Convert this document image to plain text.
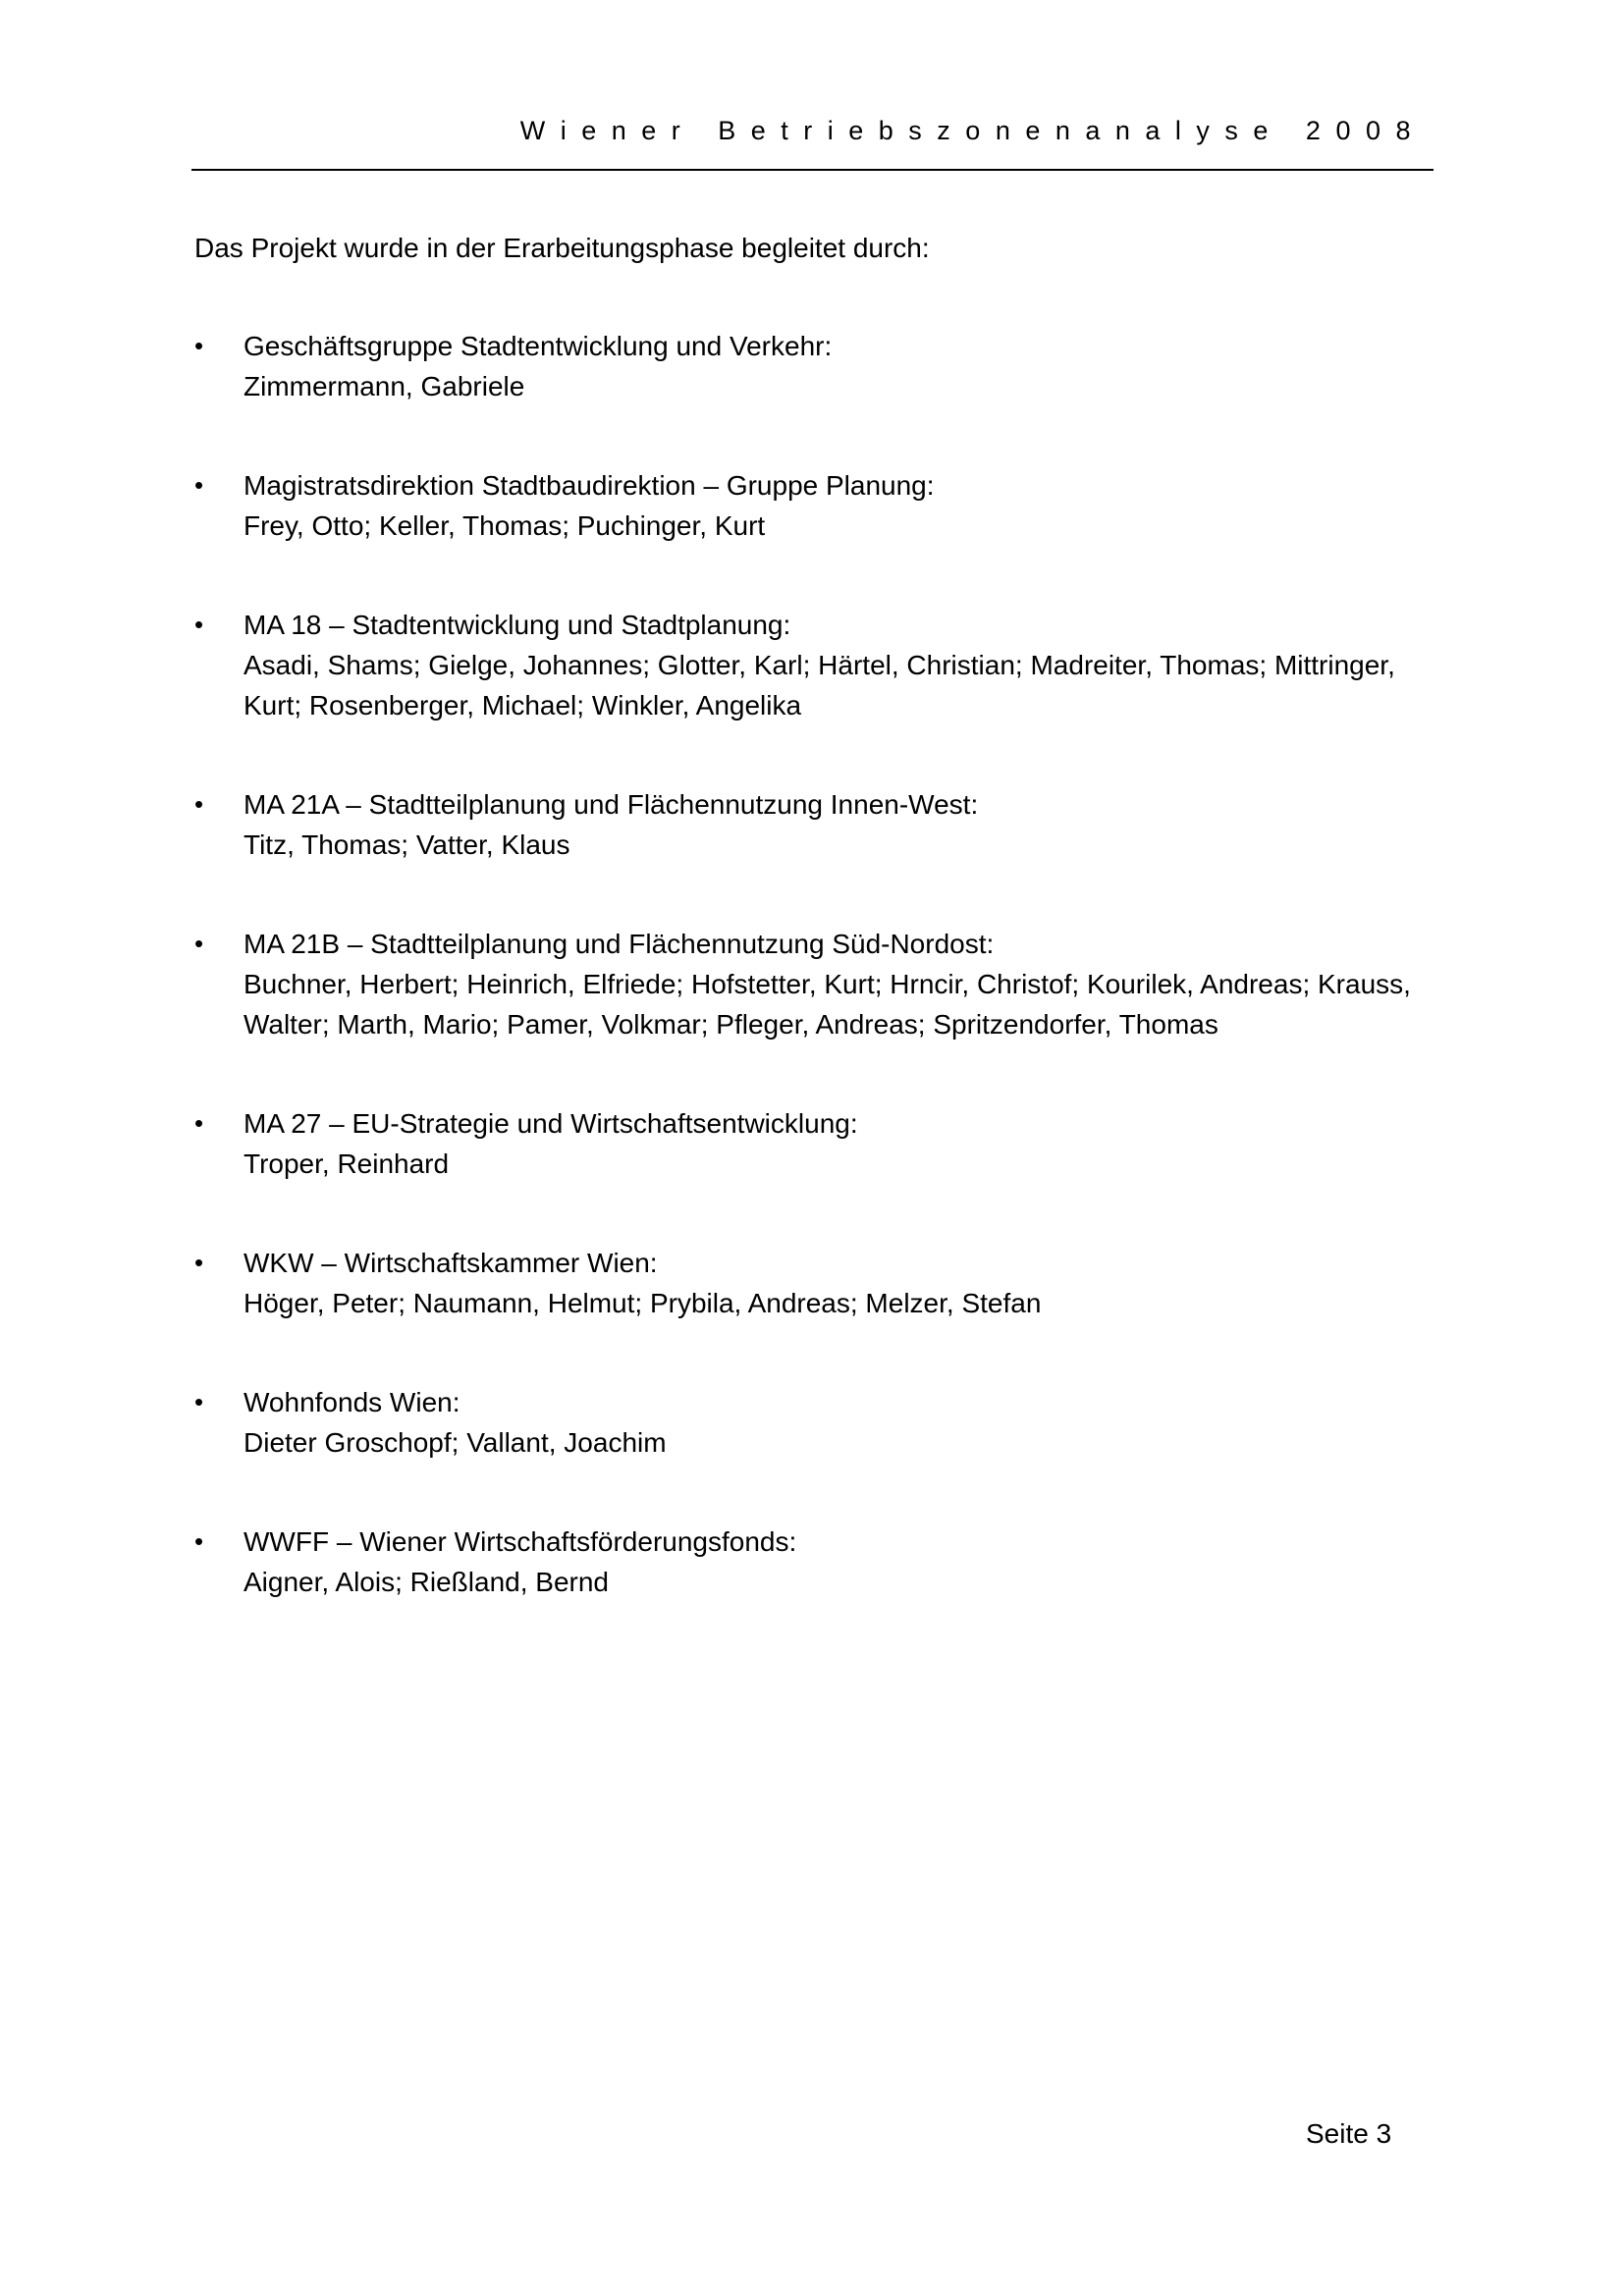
Wiener Betriebszonenanalyse 2008
Das Projekt wurde in der Erarbeitungsphase begleitet durch:
• Geschäftsgruppe Stadtentwicklung und Verkehr:
Zimmermann, Gabriele
• Magistratsdirektion Stadtbaudirektion – Gruppe Planung:
Frey, Otto; Keller, Thomas; Puchinger, Kurt
• MA 18 – Stadtentwicklung und Stadtplanung:
Asadi, Shams; Gielge, Johannes; Glotter, Karl; Härtel, Christian; Madreiter, Thomas; Mittringer, Kurt; Rosenberger, Michael; Winkler, Angelika
• MA 21A – Stadtteilplanung und Flächennutzung Innen-West:
Titz, Thomas; Vatter, Klaus
• MA 21B – Stadtteilplanung und Flächennutzung Süd-Nordost:
Buchner, Herbert; Heinrich, Elfriede; Hofstetter, Kurt; Hrncir, Christof; Kourilek, Andreas; Krauss, Walter; Marth, Mario; Pamer, Volkmar; Pfleger, Andreas; Spritzendorfer, Thomas
• MA 27 – EU-Strategie und Wirtschaftsentwicklung:
Troper, Reinhard
• WKW – Wirtschaftskammer Wien:
Höger, Peter; Naumann, Helmut; Prybila, Andreas; Melzer, Stefan
• Wohnfonds Wien:
Dieter Groschopf; Vallant, Joachim
• WWFF – Wiener Wirtschaftsförderungsfonds:
Aigner, Alois; Rießland, Bernd
Seite 3
